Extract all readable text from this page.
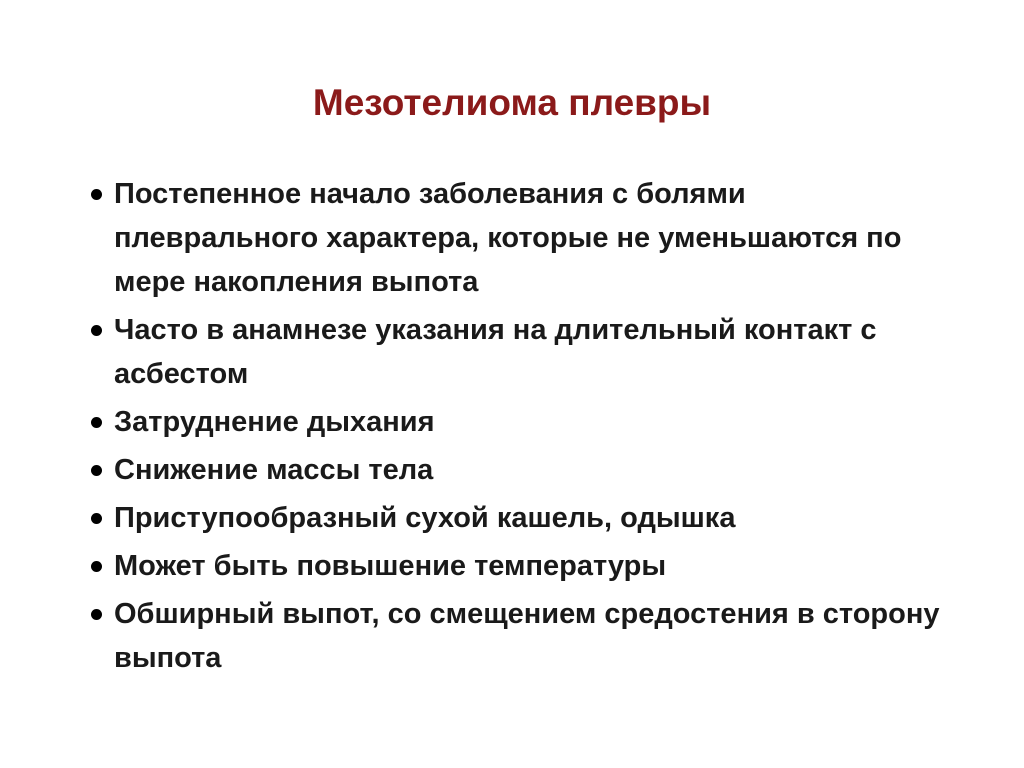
Мезотелиома плевры
Постепенное начало заболевания с болями плеврального характера, которые не уменьшаются по мере накопления выпота
Часто в анамнезе указания на длительный контакт с асбестом
Затруднение дыхания
Снижение массы тела
Приступообразный сухой кашель, одышка
Может быть повышение температуры
Обширный выпот, со смещением средостения в сторону выпота
